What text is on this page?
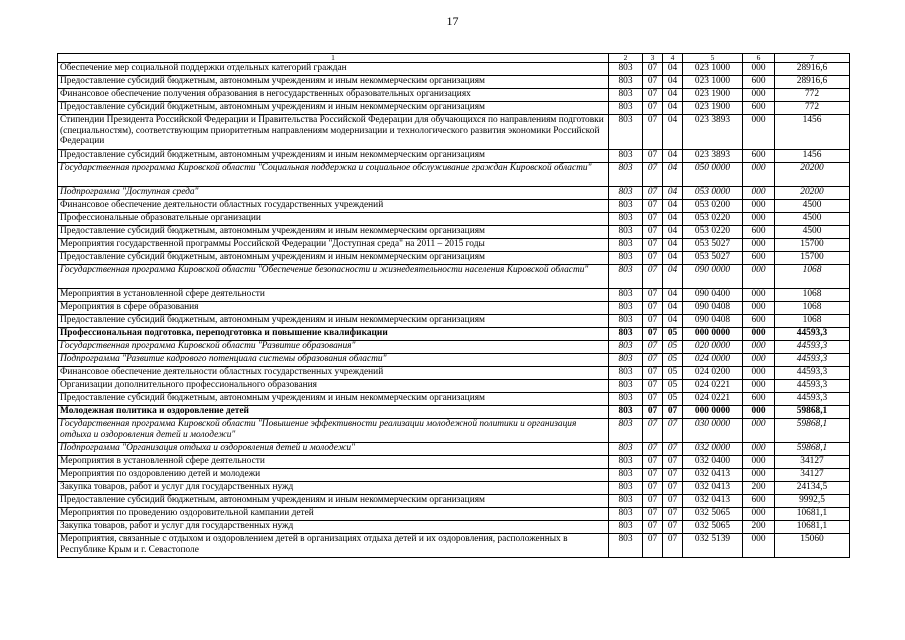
17
1	2	3	4	5	6	7
Обеспечение мер социальной поддержки отдельных категорий граждан	803	07	04	023 1000	000	28916,6
Предоставление субсидий бюджетным, автономным учреждениям и иным некоммерческим организациям	803	07	04	023 1000	600	28916,6
Финансовое обеспечение получения образования в негосударственных образовательных организациях	803	07	04	023 1900	000	772
Предоставление субсидий бюджетным, автономным учреждениям и иным некоммерческим организациям	803	07	04	023 1900	600	772
Стипендии Президента Российской Федерации и Правительства Российской Федерации для обучающихся по направлениям подготовки (специальностям), соответствующим приоритетным направлениям модернизации и технологического развития экономики Российской Федерации	803	07	04	023 3893	000	1456
Предоставление субсидий бюджетным, автономным учреждениям и иным некоммерческим организациям	803	07	04	023 3893	600	1456
Государственная программа Кировской области "Социальная поддержка и социальное обслуживание граждан Кировской области"	803	07	04	050 0000	000	20200
Подпрограмма "Доступная среда"	803	07	04	053 0000	000	20200
Финансовое обеспечение деятельности областных государственных учреждений	803	07	04	053 0200	000	4500
Профессиональные образовательные организации	803	07	04	053 0220	000	4500
Предоставление субсидий бюджетным, автономным учреждениям и иным некоммерческим организациям	803	07	04	053 0220	600	4500
Мероприятия государственной программы Российской Федерации "Доступная среда" на 2011 – 2015 годы	803	07	04	053 5027	000	15700
Предоставление субсидий бюджетным, автономным учреждениям и иным некоммерческим организациям	803	07	04	053 5027	600	15700
Государственная программа Кировской области "Обеспечение безопасности и жизнедеятельности населения Кировской области"	803	07	04	090 0000	000	1068
Мероприятия в установленной сфере деятельности	803	07	04	090 0400	000	1068
Мероприятия в сфере образования	803	07	04	090 0408	000	1068
Предоставление субсидий бюджетным, автономным учреждениям и иным некоммерческим организациям	803	07	04	090 0408	600	1068
Профессиональная подготовка, переподготовка и повышение квалификации	803	07	05	000 0000	000	44593,3
Государственная программа Кировской области "Развитие образования"	803	07	05	020 0000	000	44593,3
Подпрограмма "Развитие кадрового потенциала системы образования области"	803	07	05	024 0000	000	44593,3
Финансовое обеспечение деятельности областных государственных учреждений	803	07	05	024 0200	000	44593,3
Организации дополнительного профессионального образования	803	07	05	024 0221	000	44593,3
Предоставление субсидий бюджетным, автономным учреждениям и иным некоммерческим организациям	803	07	05	024 0221	600	44593,3
Молодежная политика и оздоровление детей	803	07	07	000 0000	000	59868,1
Государственная программа Кировской области "Повышение эффективности реализации молодежной политики и организация отдыха и оздоровления детей и молодежи"	803	07	07	030 0000	000	59868,1
Подпрограмма "Организация отдыха и оздоровления детей и молодежи"	803	07	07	032 0000	000	59868,1
Мероприятия в установленной сфере деятельности	803	07	07	032 0400	000	34127
Мероприятия по оздоровлению детей и молодежи	803	07	07	032 0413	000	34127
Закупка товаров, работ и услуг для государственных нужд	803	07	07	032 0413	200	24134,5
Предоставление субсидий бюджетным, автономным учреждениям и иным некоммерческим организациям	803	07	07	032 0413	600	9992,5
Мероприятия по проведению оздоровительной кампании детей	803	07	07	032 5065	000	10681,1
Закупка товаров, работ и услуг для государственных нужд	803	07	07	032 5065	200	10681,1
Мероприятия, связанные с отдыхом и оздоровлением детей в организациях отдыха детей и их оздоровления, расположенных в Республике Крым и г. Севастополе	803	07	07	032 5139	000	15060
